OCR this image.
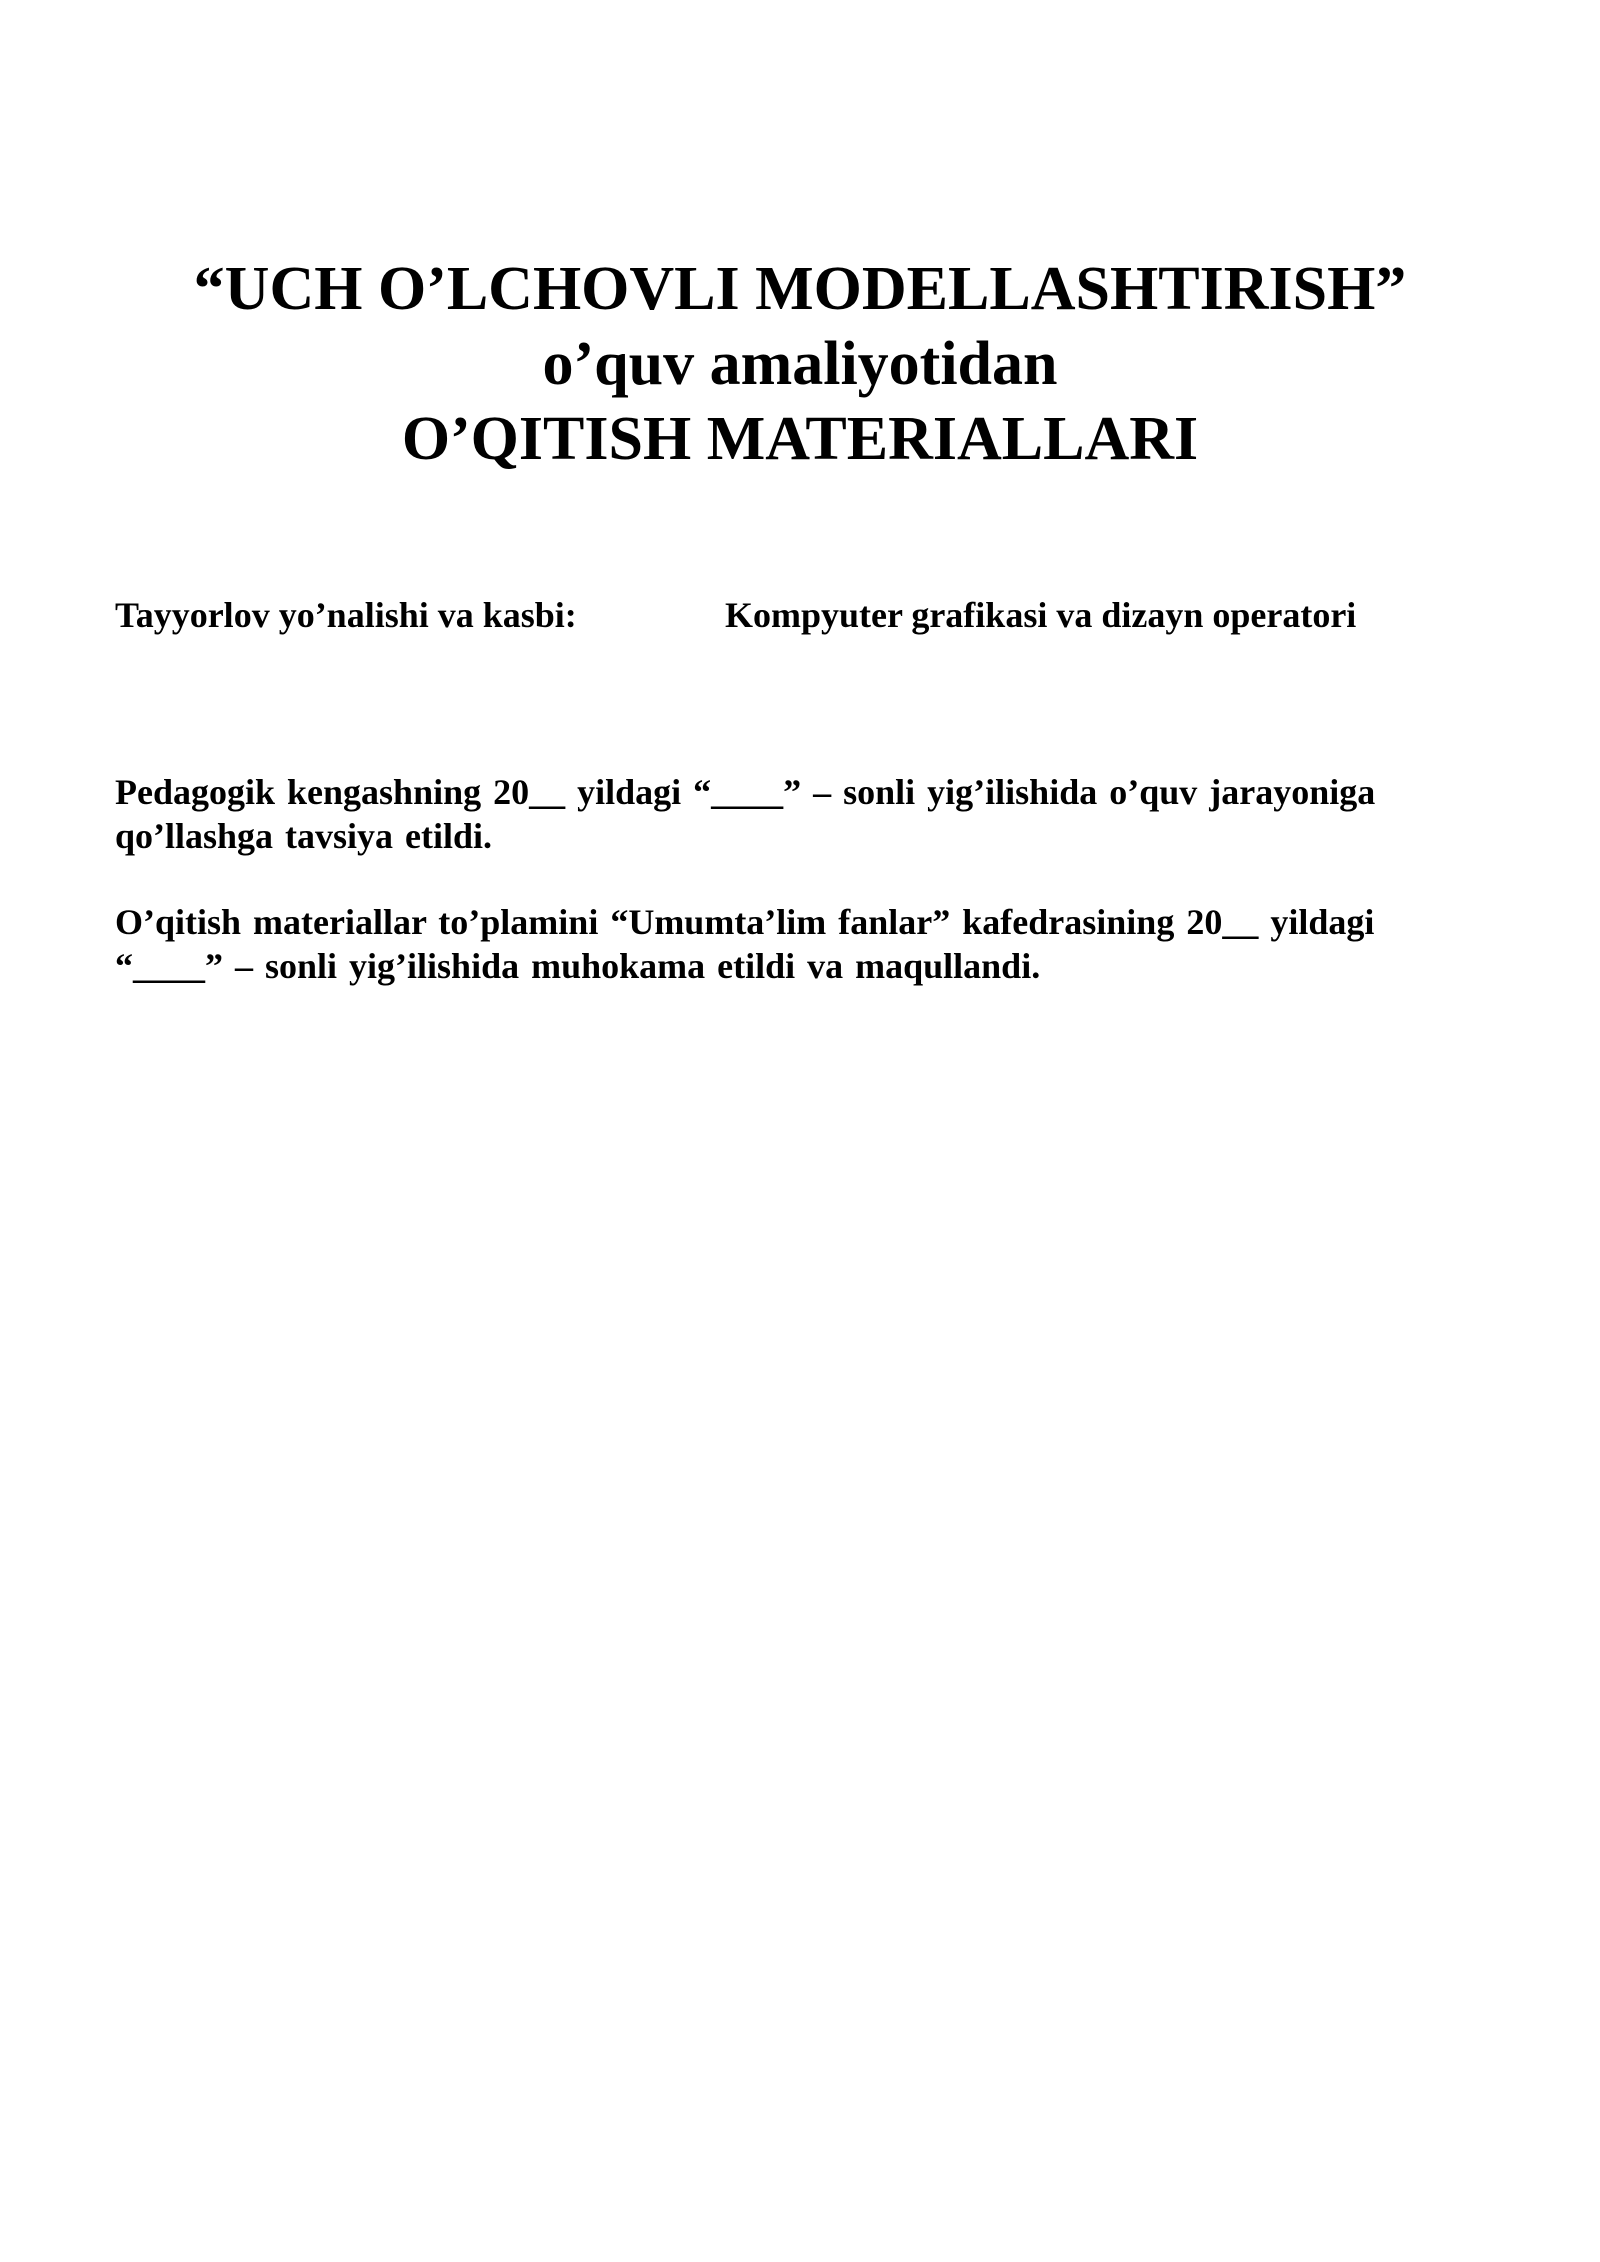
“UCH O’LCHOVLI MODELLASHTIRISH”
o’quv amaliyotidan
O’QITISH MATERIALLARI
Tayyorlov yo’nalishi va kasbi:	Kompyuter grafikasi va dizayn operatori
Pedagogik kengashning 20__ yildagi “____” – sonli yig’ilishida o’quv jarayoniga
qo’llashga tavsiya etildi.
O’qitish materiallar to’plamini “Umumta’lim fanlar” kafedrasining 20__ yildagi
“____” – sonli yig’ilishida muhokama etildi va maqullandi.
